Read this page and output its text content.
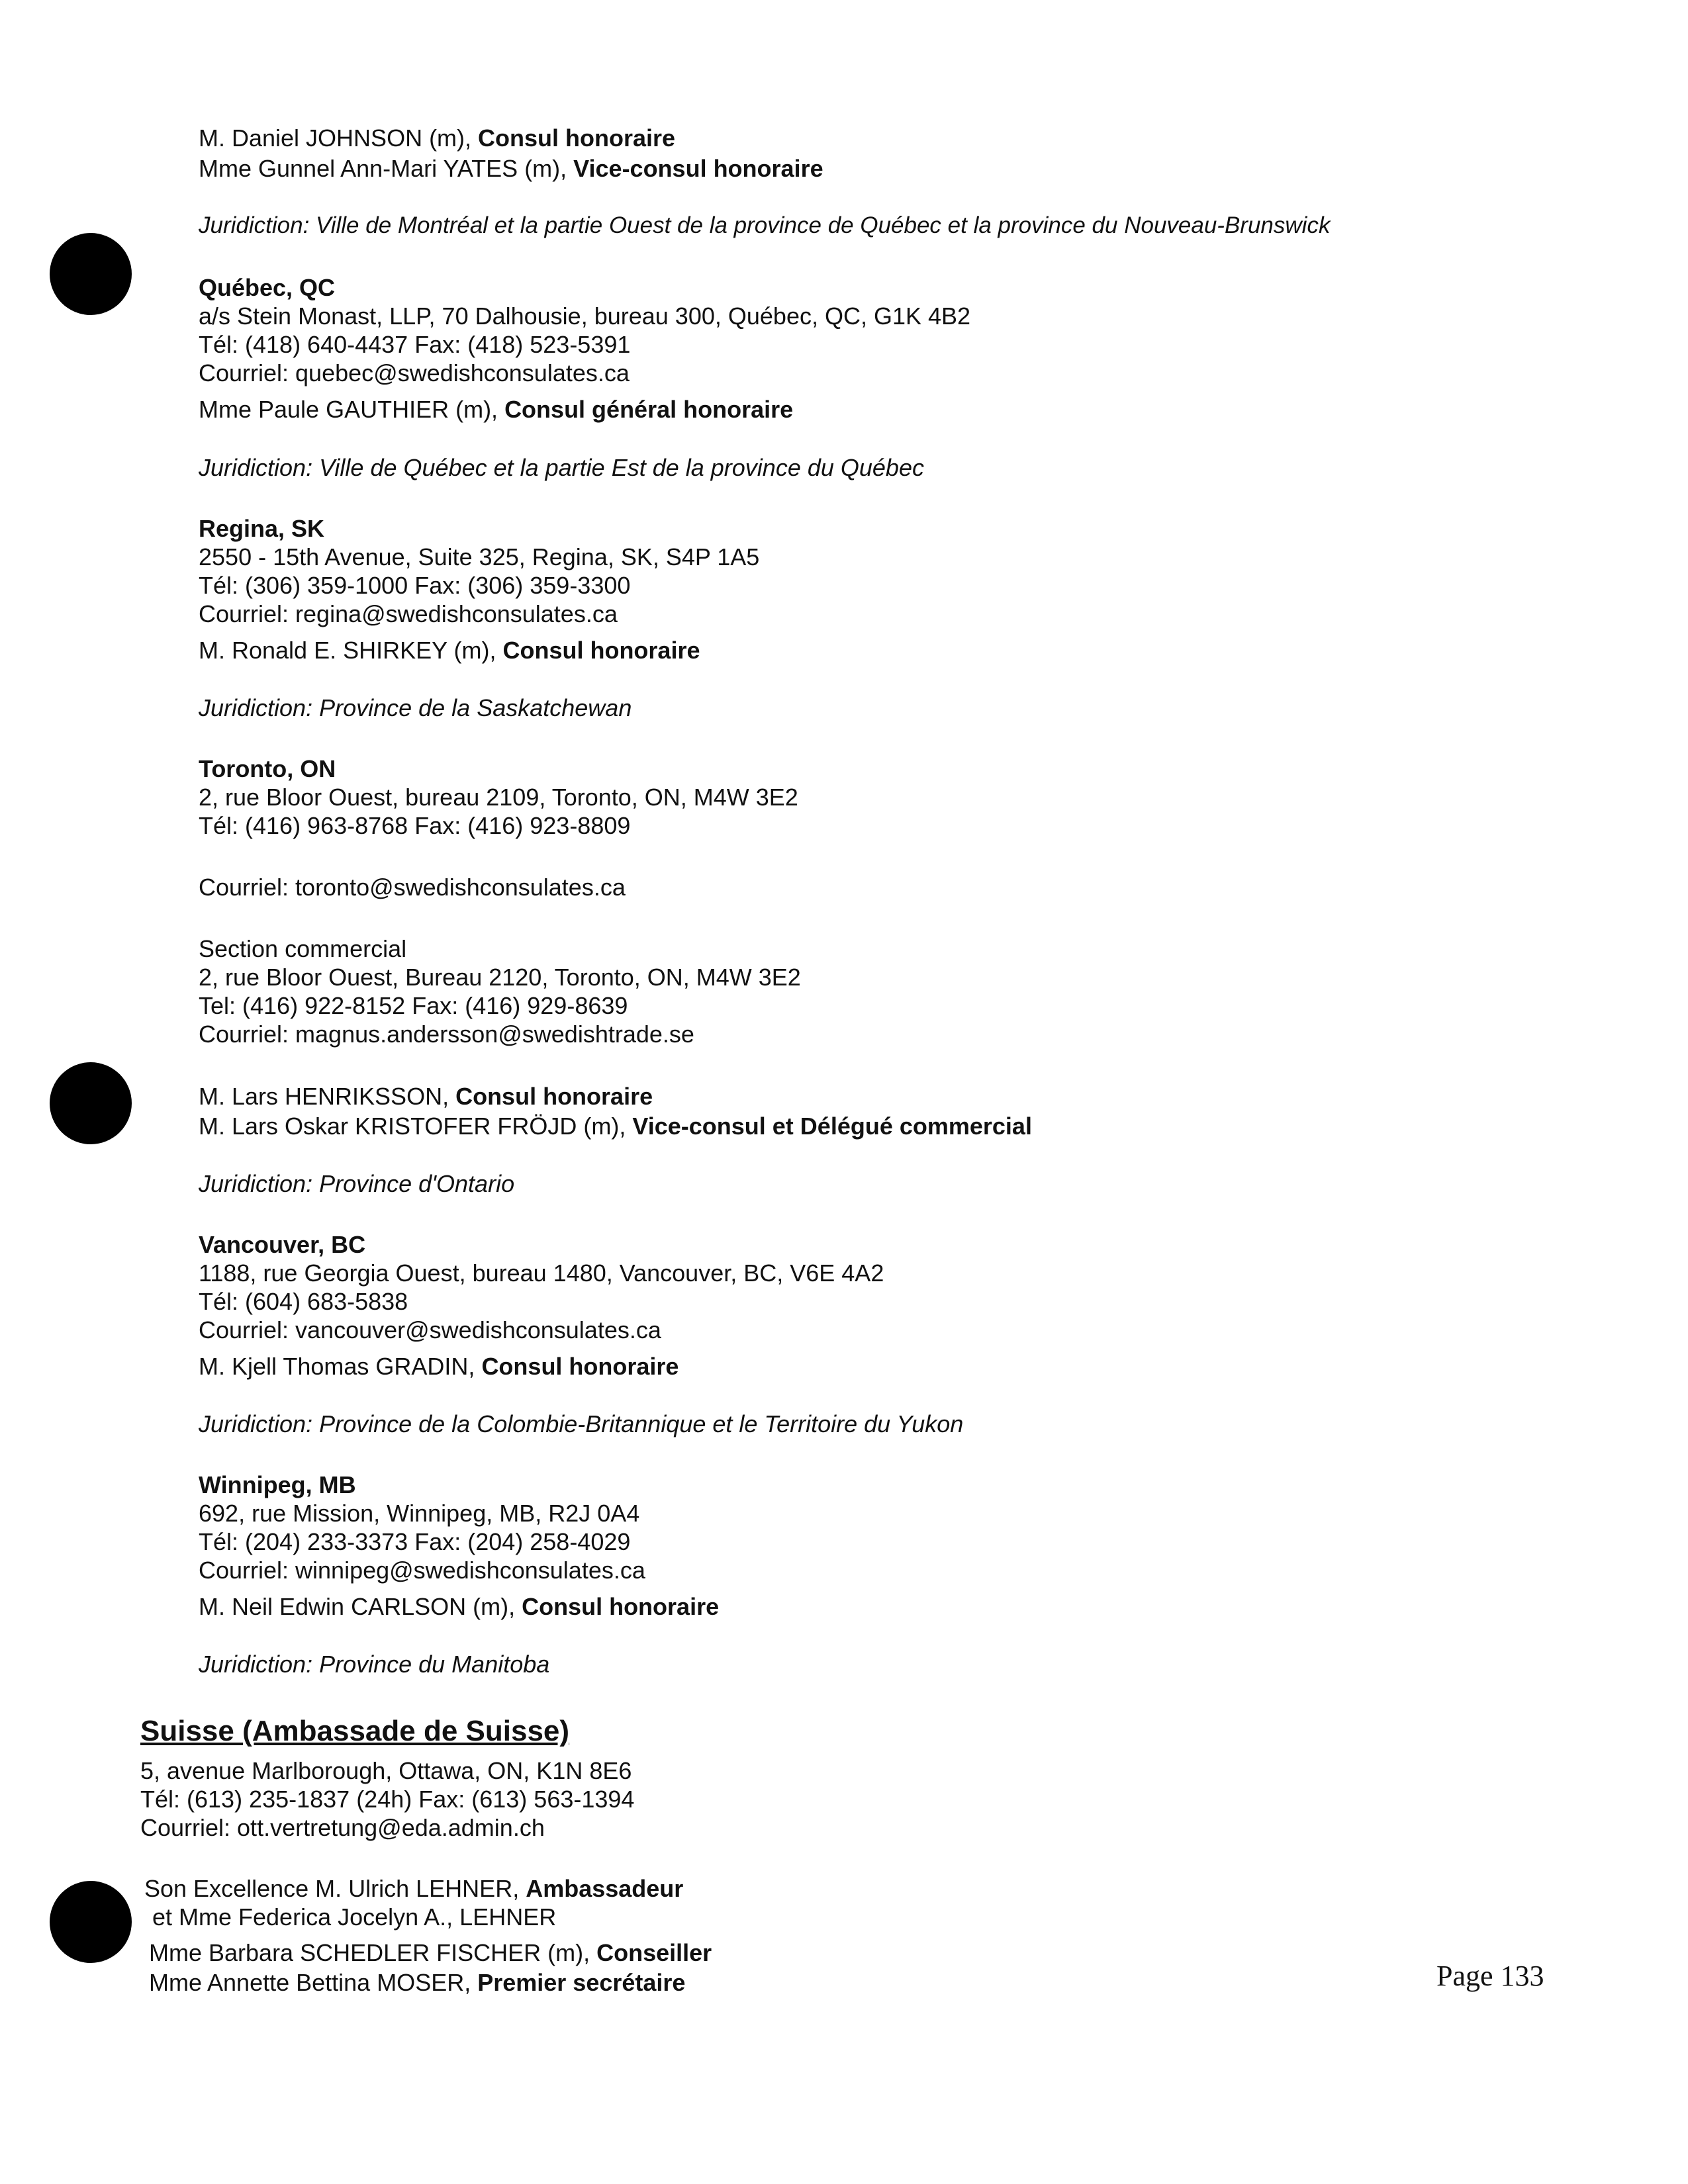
M. Daniel JOHNSON (m), Consul honoraire
Mme Gunnel Ann-Mari YATES (m), Vice-consul honoraire
Juridiction: Ville de Montréal et la partie Ouest de la province de Québec et la province du Nouveau-Brunswick
Québec, QC
a/s Stein Monast, LLP, 70 Dalhousie, bureau 300, Québec, QC, G1K 4B2
Tél: (418) 640-4437 Fax: (418) 523-5391
Courriel: quebec@swedishconsulates.ca
Mme Paule GAUTHIER (m), Consul général honoraire
Juridiction: Ville de Québec et la partie Est de la province du Québec
Regina, SK
2550 - 15th Avenue, Suite 325, Regina, SK, S4P 1A5
Tél: (306) 359-1000 Fax: (306) 359-3300
Courriel: regina@swedishconsulates.ca
M. Ronald E. SHIRKEY (m), Consul honoraire
Juridiction: Province de la Saskatchewan
Toronto, ON
2, rue Bloor Ouest, bureau 2109, Toronto, ON, M4W 3E2
Tél: (416) 963-8768 Fax: (416) 923-8809
Courriel: toronto@swedishconsulates.ca
Section commercial
2, rue Bloor Ouest, Bureau 2120, Toronto, ON, M4W 3E2
Tel: (416) 922-8152 Fax: (416) 929-8639
Courriel: magnus.andersson@swedishtrade.se
M. Lars HENRIKSSON, Consul honoraire
M. Lars Oskar KRISTOFER FRÖJD (m), Vice-consul et Délégué commercial
Juridiction: Province d'Ontario
Vancouver, BC
1188, rue Georgia Ouest, bureau 1480, Vancouver, BC, V6E 4A2
Tél: (604) 683-5838
Courriel: vancouver@swedishconsulates.ca
M. Kjell Thomas GRADIN, Consul honoraire
Juridiction: Province de la Colombie-Britannique et le Territoire du Yukon
Winnipeg, MB
692, rue Mission, Winnipeg, MB, R2J 0A4
Tél: (204) 233-3373 Fax: (204) 258-4029
Courriel: winnipeg@swedishconsulates.ca
M. Neil Edwin CARLSON (m), Consul honoraire
Juridiction: Province du Manitoba
Suisse (Ambassade de Suisse)
5, avenue Marlborough, Ottawa, ON, K1N 8E6
Tél: (613) 235-1837 (24h) Fax: (613) 563-1394
Courriel: ott.vertretung@eda.admin.ch
Son Excellence M. Ulrich LEHNER, Ambassadeur
et Mme Federica Jocelyn A., LEHNER
Mme Barbara SCHEDLER FISCHER (m), Conseiller
Mme Annette Bettina MOSER, Premier secrétaire	Page 133
